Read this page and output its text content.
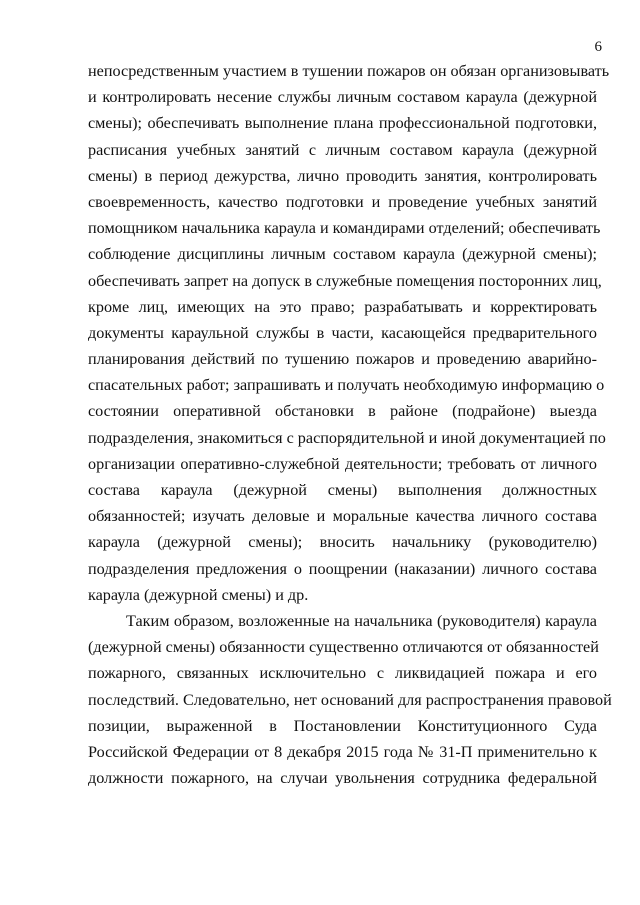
6
непосредственным участием в тушении пожаров он обязан организовывать
и контролировать несение службы личным составом караула (дежурной
смены); обеспечивать выполнение плана профессиональной подготовки,
расписания учебных занятий с личным составом караула (дежурной
смены) в период дежурства, лично проводить занятия, контролировать
своевременность, качество подготовки и проведение учебных занятий
помощником начальника караула и командирами отделений; обеспечивать
соблюдение дисциплины личным составом караула (дежурной смены);
обеспечивать запрет на допуск в служебные помещения посторонних лиц,
кроме лиц, имеющих на это право; разрабатывать и корректировать
документы караульной службы в части, касающейся предварительного
планирования действий по тушению пожаров и проведению аварийно-
спасательных работ; запрашивать и получать необходимую информацию о
состоянии оперативной обстановки в районе (подрайоне) выезда
подразделения, знакомиться с распорядительной и иной документацией по
организации оперативно-служебной деятельности; требовать от личного
состава караула (дежурной смены) выполнения должностных
обязанностей; изучать деловые и моральные качества личного состава
караула (дежурной смены); вносить начальнику (руководителю)
подразделения предложения о поощрении (наказании) личного состава
караула (дежурной смены) и др.
Таким образом, возложенные на начальника (руководителя) караула
(дежурной смены) обязанности существенно отличаются от обязанностей
пожарного, связанных исключительно с ликвидацией пожара и его
последствий. Следовательно, нет оснований для распространения правовой
позиции, выраженной в Постановлении Конституционного Суда
Российской Федерации от 8 декабря 2015 года № 31-П применительно к
должности пожарного, на случаи увольнения сотрудника федеральной
